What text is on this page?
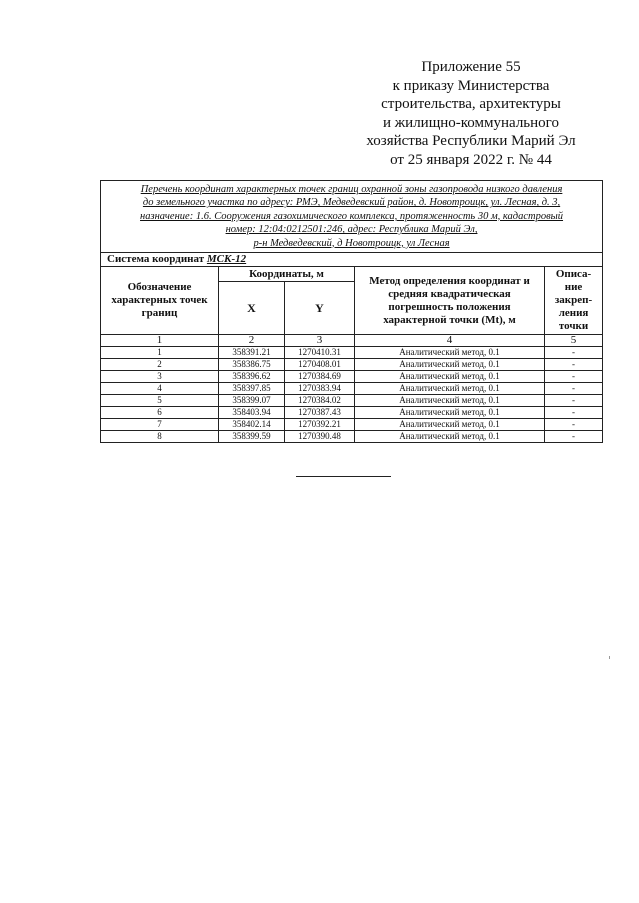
Приложение 55
к приказу Министерства
строительства, архитектуры
и жилищно-коммунального
хозяйства Республики Марий Эл
от 25 января 2022 г. № 44
Перечень координат характерных точек границ охранной зоны газопровода низкого давления
до земельного участка по адресу: РМЭ, Медведевский район, д. Новотроицк, ул. Лесная, д. 3,
назначение: 1.6. Сооружения газохимического комплекса, протяженность 30 м, кадастровый
номер: 12:04:0212501:246, адрес: Республика Марий Эл,
р-н Медведевский, д Новотроицк, ул Лесная				

Система координат МСК-12				
Обозначение характерных точек границ	Координаты, м		Метод определения координат и средняя квадратическая погрешность положения характерной точки (Mt), м	Описа-
ние
закреп-
ления
точки

	X	Y		
1	2	3	4	5
1	358391.21	1270410.31	Аналитический метод, 0.1	-
2	358386.75	1270408.01	Аналитический метод, 0.1	-
3	358396.62	1270384.69	Аналитический метод, 0.1	-
4	358397.85	1270383.94	Аналитический метод, 0.1	-
5	358399.07	1270384.02	Аналитический метод, 0.1	-
6	358403.94	1270387.43	Аналитический метод, 0.1	-
7	358402.14	1270392.21	Аналитический метод, 0.1	-
8	358399.59	1270390.48	Аналитический метод, 0.1	-
